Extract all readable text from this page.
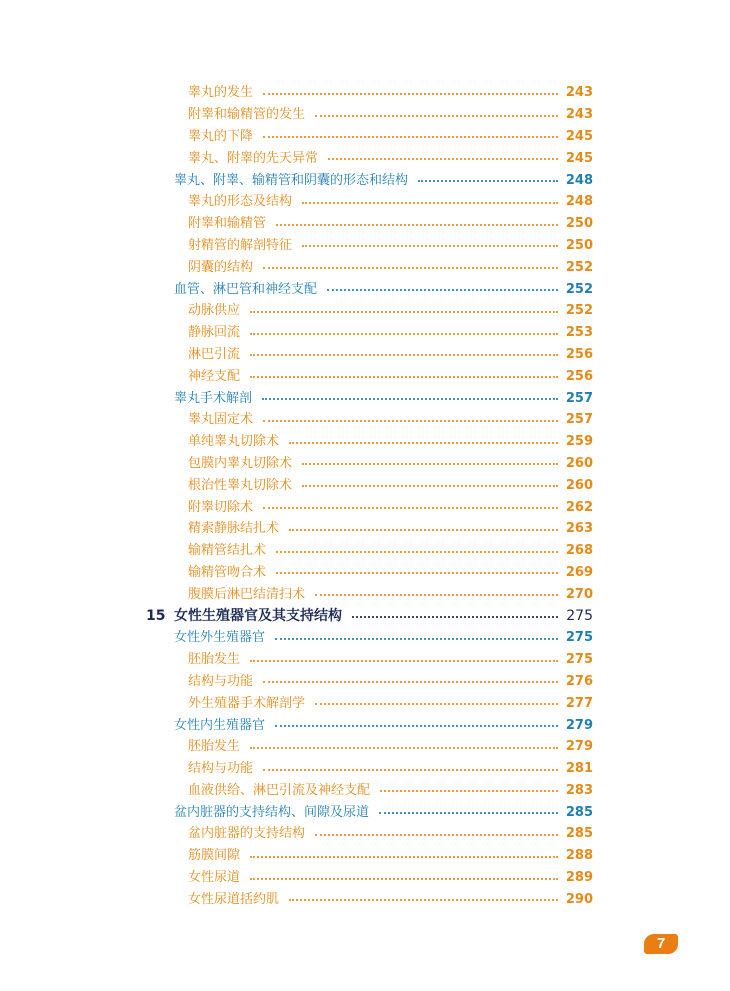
睾丸的发生	243
附睾和输精管的发生	243
睾丸的下降	245
睾丸、附睾的先天异常	245
睾丸、附睾、输精管和阴囊的形态和结构	248
睾丸的形态及结构	248
附睾和输精管	250
射精管的解剖特征	250
阴囊的结构	252
血管、淋巴管和神经支配	252
动脉供应	252
静脉回流	253
淋巴引流	256
神经支配	256
睾丸手术解剖	257
睾丸固定术	257
单纯睾丸切除术	259
包膜内睾丸切除术	260
根治性睾丸切除术	260
附睾切除术	262
精索静脉结扎术	263
输精管结扎术	268
输精管吻合术	269
腹膜后淋巴结清扫术	270
15 女性生殖器官及其支持结构	275
女性外生殖器官	275
胚胎发生	275
结构与功能	276
外生殖器手术解剖学	277
女性内生殖器官	279
胚胎发生	279
结构与功能	281
血液供给、淋巴引流及神经支配	283
盆内脏器的支持结构、间隙及尿道	285
盆内脏器的支持结构	285
筋膜间隙	288
女性尿道	289
女性尿道括约肌	290
7
